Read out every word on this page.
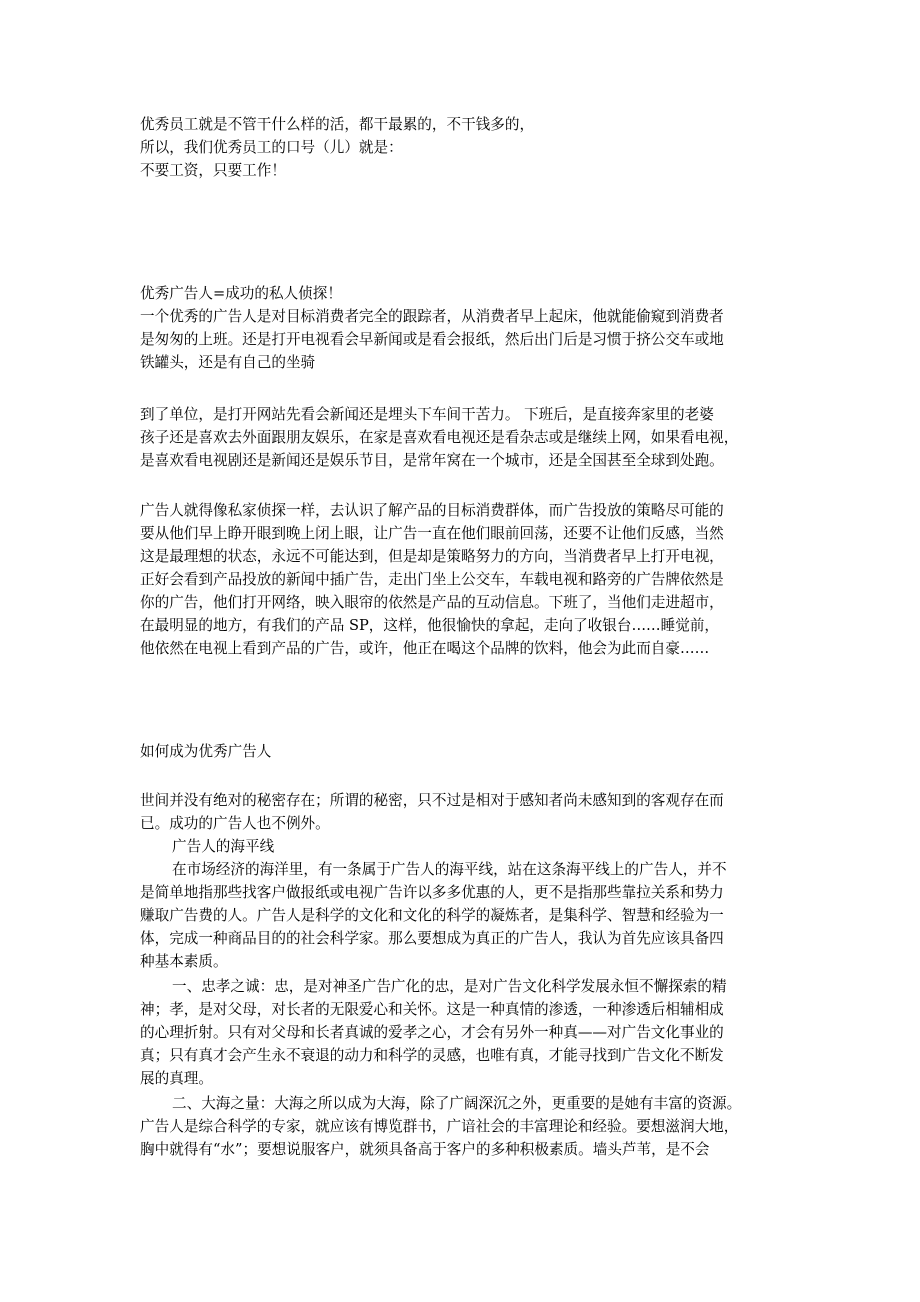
优秀员工就是不管干什么样的活，都干最累的，不干钱多的，
所以，我们优秀员工的口号（儿）就是：
不要工资，只要工作！
优秀广告人=成功的私人侦探！
一个优秀的广告人是对目标消费者完全的跟踪者，从消费者早上起床，他就能偷窥到消费者
是匆匆的上班。还是打开电视看会早新闻或是看会报纸，然后出门后是习惯于挤公交车或地
铁罐头，还是有自己的坐骑
到了单位，是打开网站先看会新闻还是埋头下车间干苦力。 下班后，是直接奔家里的老婆
孩子还是喜欢去外面跟朋友娱乐，在家是喜欢看电视还是看杂志或是继续上网，如果看电视，
是喜欢看电视剧还是新闻还是娱乐节目，是常年窝在一个城市，还是全国甚至全球到处跑。
广告人就得像私家侦探一样，去认识了解产品的目标消费群体，而广告投放的策略尽可能的
要从他们早上睁开眼到晚上闭上眼，让广告一直在他们眼前回荡，还要不让他们反感，当然
这是最理想的状态，永远不可能达到，但是却是策略努力的方向，当消费者早上打开电视，
正好会看到产品投放的新闻中插广告，走出门坐上公交车，车载电视和路旁的广告牌依然是
你的广告，他们打开网络，映入眼帘的依然是产品的互动信息。下班了，当他们走进超市，
在最明显的地方，有我们的产品 SP，这样，他很愉快的拿起，走向了收银台……睡觉前，
他依然在电视上看到产品的广告，或许，他正在喝这个品牌的饮料，他会为此而自豪……
如何成为优秀广告人
世间并没有绝对的秘密存在；所谓的秘密，只不过是相对于感知者尚未感知到的客观存在而
已。成功的广告人也不例外。
广告人的海平线
在市场经济的海洋里，有一条属于广告人的海平线，站在这条海平线上的广告人，并不
是简单地指那些找客户做报纸或电视广告许以多多优惠的人，更不是指那些靠拉关系和势力
赚取广告费的人。广告人是科学的文化和文化的科学的凝炼者，是集科学、智慧和经验为一
体，完成一种商品目的的社会科学家。那么要想成为真正的广告人，我认为首先应该具备四
种基本素质。
一、忠孝之诚：忠，是对神圣广告广化的忠，是对广告文化科学发展永恒不懈探索的精
神；孝，是对父母，对长者的无限爱心和关怀。这是一种真情的渗透，一种渗透后相辅相成
的心理折射。只有对父母和长者真诚的爱孝之心，才会有另外一种真——对广告文化事业的
真；只有真才会产生永不衰退的动力和科学的灵感，也唯有真，才能寻找到广告文化不断发
展的真理。
二、大海之量：大海之所以成为大海，除了广阔深沉之外，更重要的是她有丰富的资源。
广告人是综合科学的专家，就应该有博览群书，广谙社会的丰富理论和经验。要想滋润大地，
胸中就得有“水”；要想说服客户，就须具备高于客户的多种积极素质。墙头芦苇，是不会
